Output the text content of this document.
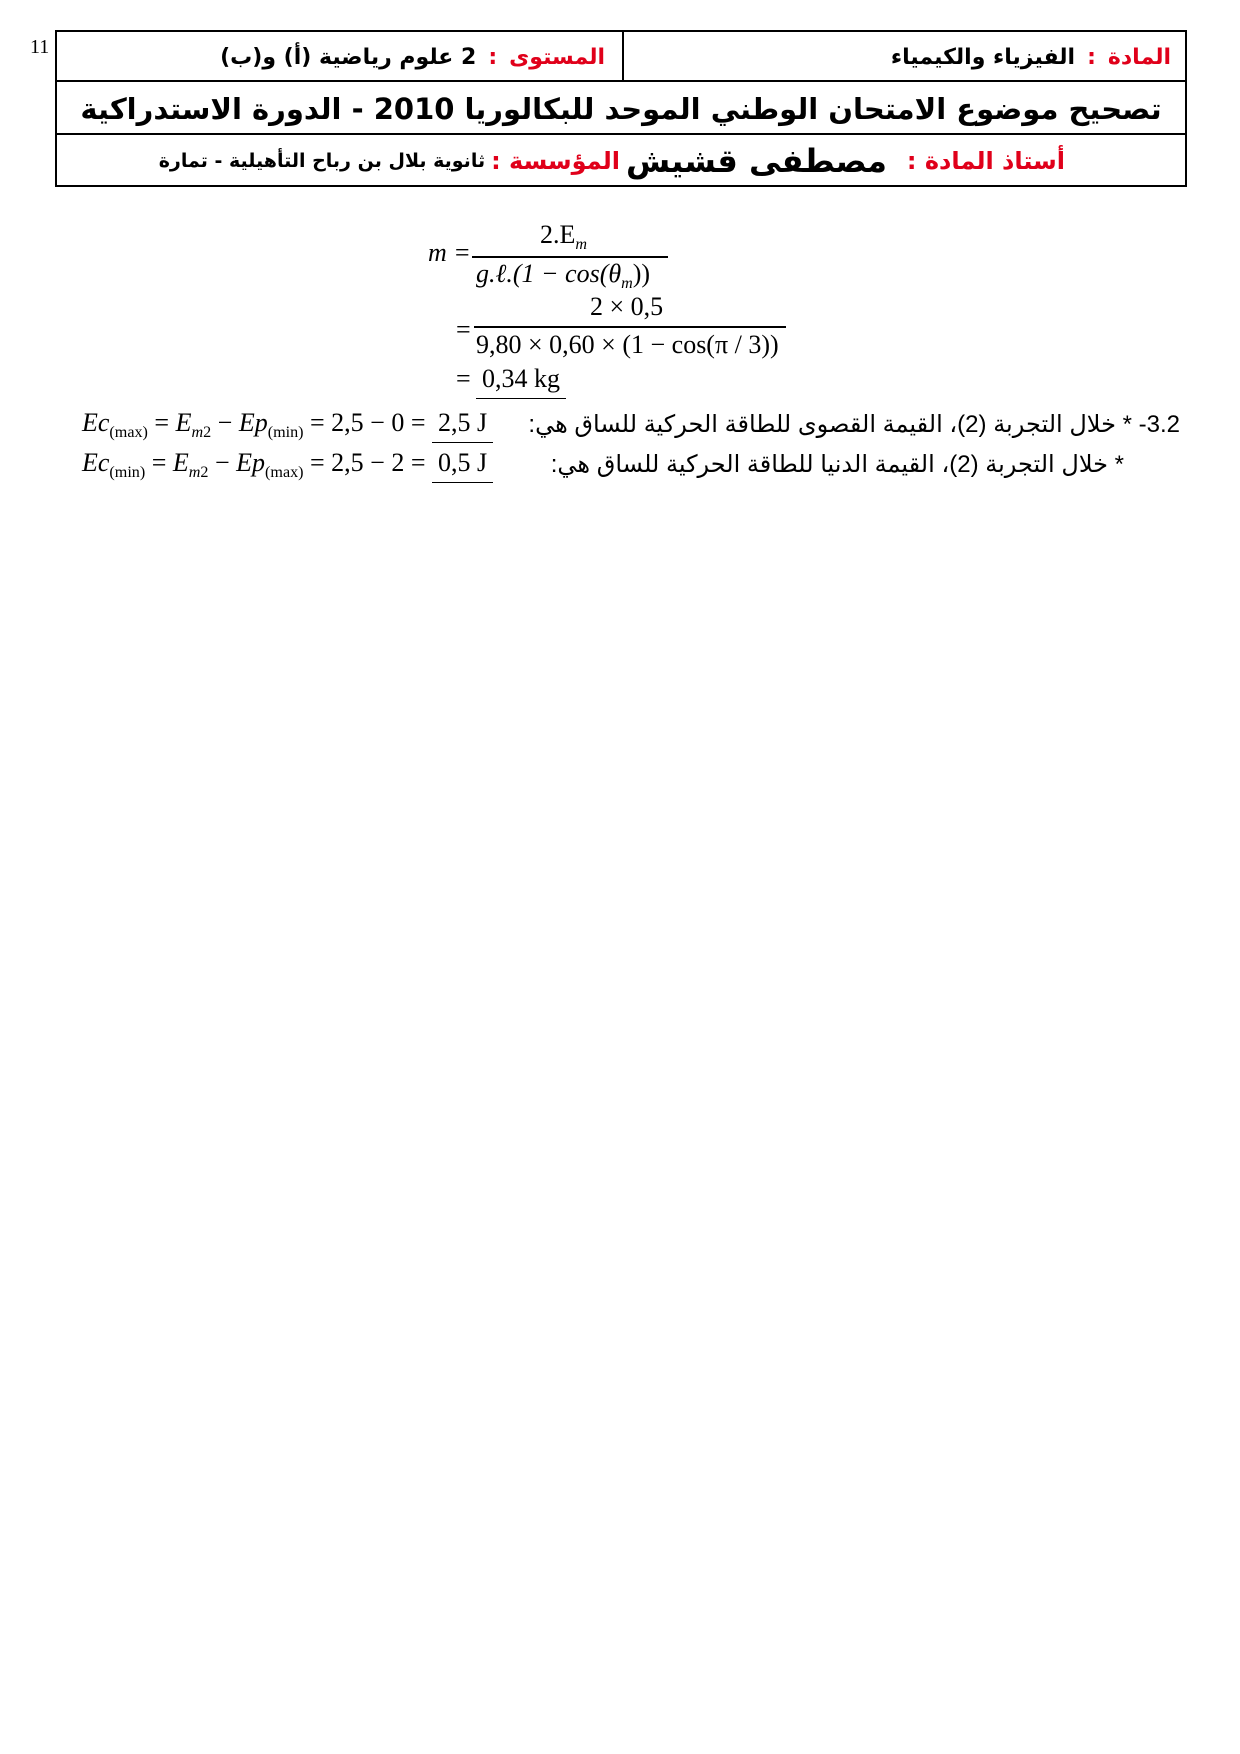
11	المادة
:
الفيزياء والكيمياء
المستوى
:
2 علوم رياضية (أ) و(ب)
تصحيح موضوع الامتحان الوطني الموحد للبكالوريا 2010 - الدورة الاستدراكية
أستاذ المادة :
مصطفى قشيش
المؤسسة :
ثانوية بلال بن رباح التأهيلية - تمارة
m =
$2.E_m$
g.ℓ.(1 − $\cos(\theta_m)$)
=
2 × 0,5
9,80 × 0,60 × (1 − cos(π / 3))
= 0,34 kg
3.2- * خلال التجربة (2)، القيمة القصوى للطاقة الحركية للساق هي:
$Ec_{(max)} = E_{m2} - Ep_{(min)} = 2,5 - 0 = 2,5$ J
* خلال التجربة (2)، القيمة الدنيا للطاقة الحركية للساق هي:
$Ec_{(min)} = E_{m2} - Ep_{(max)} = 2,5 - 2 = 0,5$ J
